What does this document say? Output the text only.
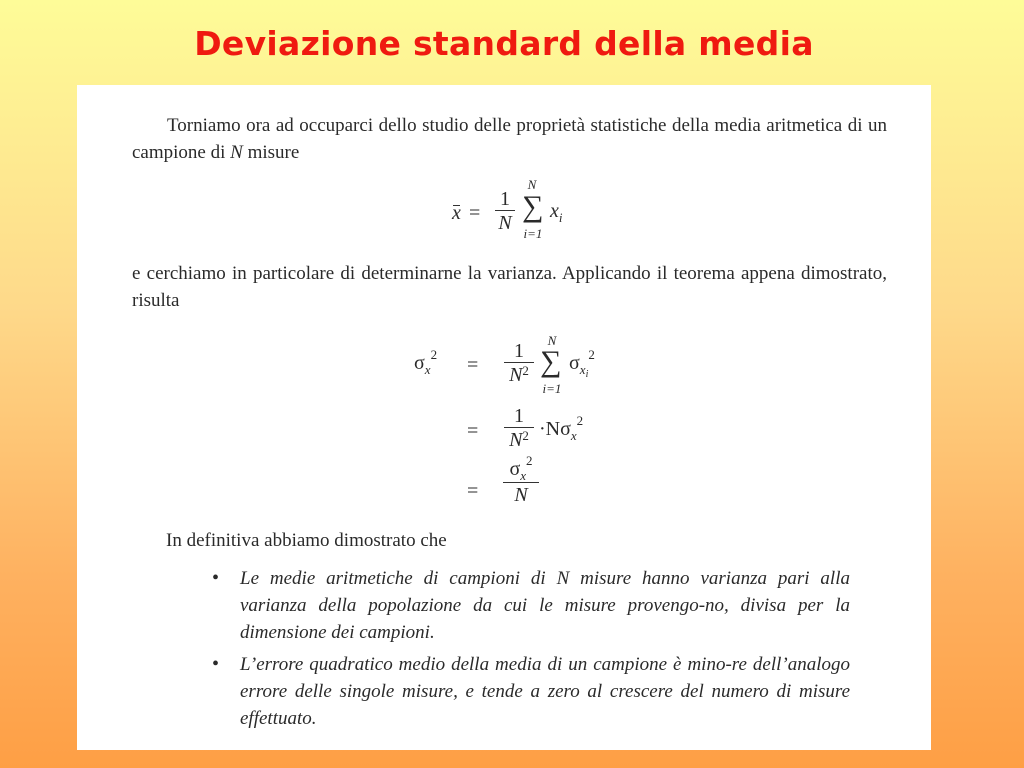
Deviazione standard della media
Torniamo ora ad occuparci dello studio delle proprietà statistiche della media aritmetica di un campione di N misure
x =
1
N
N
∑
i=1
$x_i$
e cerchiamo in particolare di determinarne la varianza. Applicando il teorema appena dimostrato, risulta
$\sigma_x^2$ =
1
$N^2$
N
∑
i=1
$\sigma_{xi}^2$
=
1
$N^2 \cdot N\sigma_x^2$
=
$\sigma_x^2$
N
In definitiva abbiamo dimostrato che
• Le medie aritmetiche di campioni di N misure hanno varianza pari alla varianza della popolazione da cui le misure provengo-no, divisa per la dimensione dei campioni.
• L’errore quadratico medio della media di un campione è mino-re dell’analogo errore delle singole misure, e tende a zero al crescere del numero di misure effettuato.
